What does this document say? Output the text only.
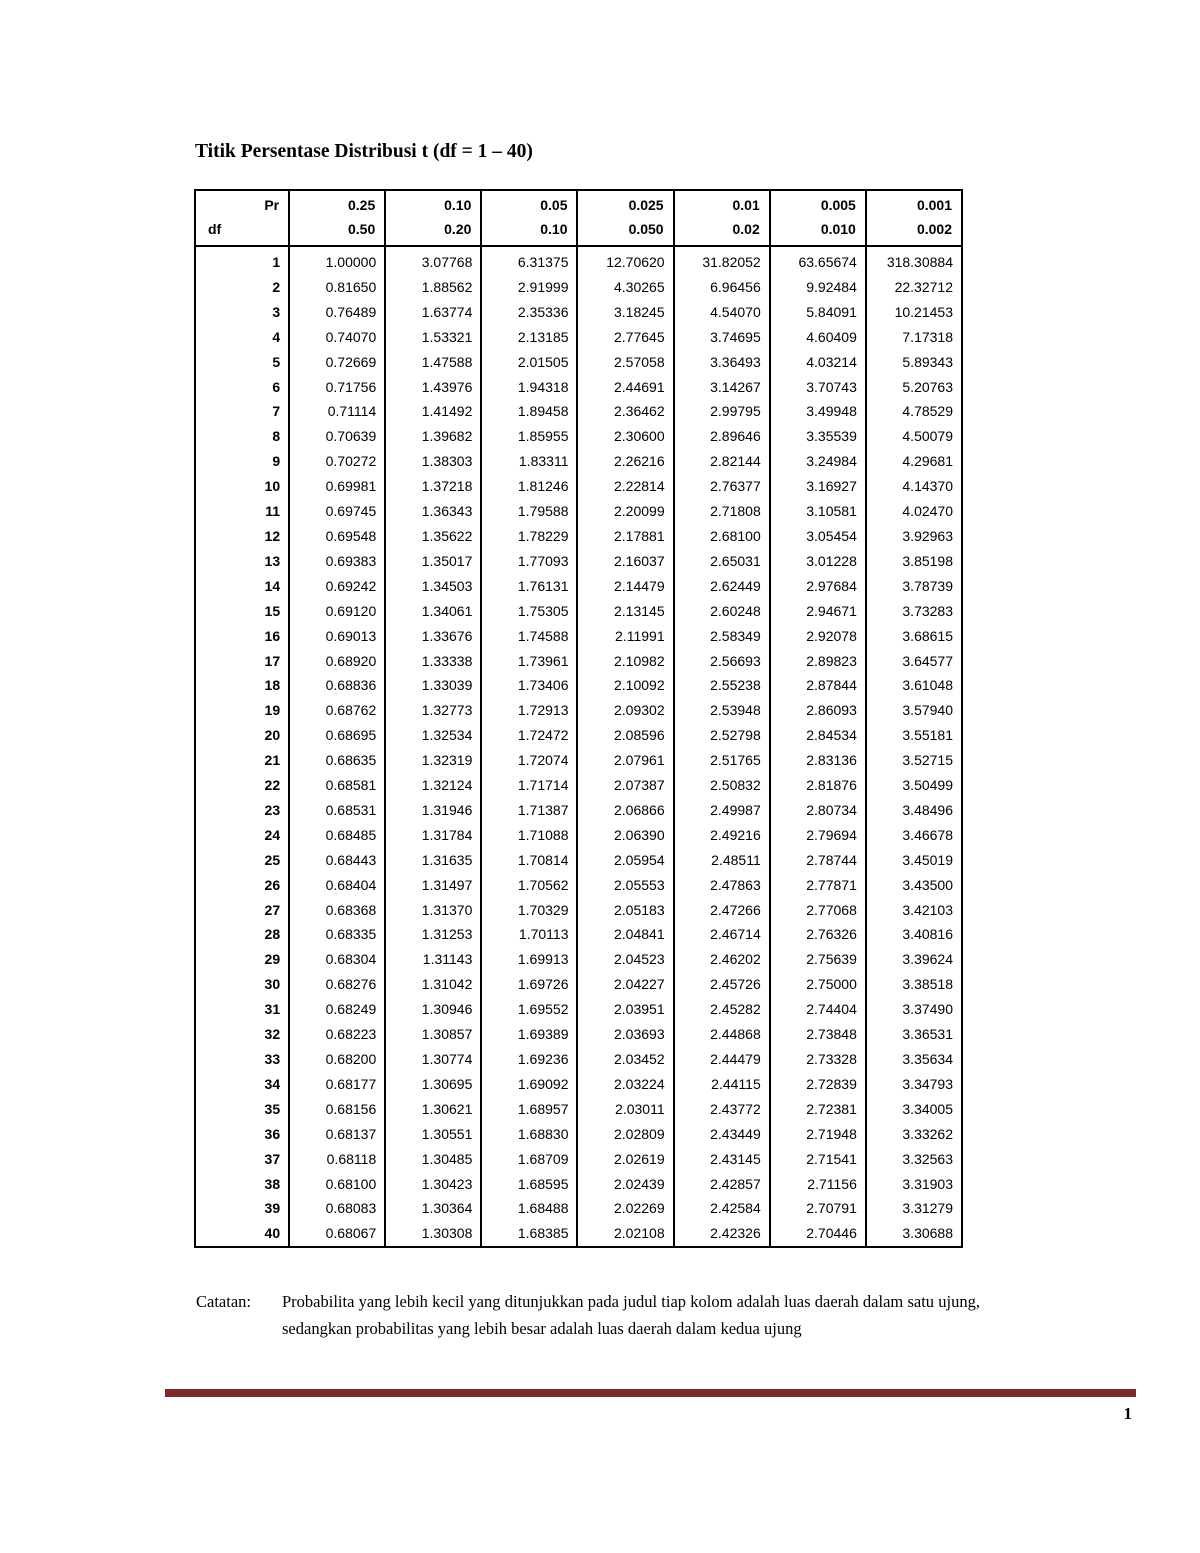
Titik Persentase Distribusi t (df = 1 – 40)
Pr	0.25	0.10	0.05	0.025	0.01	0.005	0.001

df	0.50	0.20	0.10	0.050	0.02	0.010	0.002
1	1.00000	3.07768	6.31375	12.70620	31.82052	63.65674	318.30884
2	0.81650	1.88562	2.91999	4.30265	6.96456	9.92484	22.32712
3	0.76489	1.63774	2.35336	3.18245	4.54070	5.84091	10.21453
4	0.74070	1.53321	2.13185	2.77645	3.74695	4.60409	7.17318
5	0.72669	1.47588	2.01505	2.57058	3.36493	4.03214	5.89343
6	0.71756	1.43976	1.94318	2.44691	3.14267	3.70743	5.20763
7	0.71114	1.41492	1.89458	2.36462	2.99795	3.49948	4.78529
8	0.70639	1.39682	1.85955	2.30600	2.89646	3.35539	4.50079
9	0.70272	1.38303	1.83311	2.26216	2.82144	3.24984	4.29681
10	0.69981	1.37218	1.81246	2.22814	2.76377	3.16927	4.14370
11	0.69745	1.36343	1.79588	2.20099	2.71808	3.10581	4.02470
12	0.69548	1.35622	1.78229	2.17881	2.68100	3.05454	3.92963
13	0.69383	1.35017	1.77093	2.16037	2.65031	3.01228	3.85198
14	0.69242	1.34503	1.76131	2.14479	2.62449	2.97684	3.78739
15	0.69120	1.34061	1.75305	2.13145	2.60248	2.94671	3.73283
16	0.69013	1.33676	1.74588	2.11991	2.58349	2.92078	3.68615
17	0.68920	1.33338	1.73961	2.10982	2.56693	2.89823	3.64577
18	0.68836	1.33039	1.73406	2.10092	2.55238	2.87844	3.61048
19	0.68762	1.32773	1.72913	2.09302	2.53948	2.86093	3.57940
20	0.68695	1.32534	1.72472	2.08596	2.52798	2.84534	3.55181
21	0.68635	1.32319	1.72074	2.07961	2.51765	2.83136	3.52715
22	0.68581	1.32124	1.71714	2.07387	2.50832	2.81876	3.50499
23	0.68531	1.31946	1.71387	2.06866	2.49987	2.80734	3.48496
24	0.68485	1.31784	1.71088	2.06390	2.49216	2.79694	3.46678
25	0.68443	1.31635	1.70814	2.05954	2.48511	2.78744	3.45019
26	0.68404	1.31497	1.70562	2.05553	2.47863	2.77871	3.43500
27	0.68368	1.31370	1.70329	2.05183	2.47266	2.77068	3.42103
28	0.68335	1.31253	1.70113	2.04841	2.46714	2.76326	3.40816
29	0.68304	1.31143	1.69913	2.04523	2.46202	2.75639	3.39624
30	0.68276	1.31042	1.69726	2.04227	2.45726	2.75000	3.38518
31	0.68249	1.30946	1.69552	2.03951	2.45282	2.74404	3.37490
32	0.68223	1.30857	1.69389	2.03693	2.44868	2.73848	3.36531
33	0.68200	1.30774	1.69236	2.03452	2.44479	2.73328	3.35634
34	0.68177	1.30695	1.69092	2.03224	2.44115	2.72839	3.34793
35	0.68156	1.30621	1.68957	2.03011	2.43772	2.72381	3.34005
36	0.68137	1.30551	1.68830	2.02809	2.43449	2.71948	3.33262
37	0.68118	1.30485	1.68709	2.02619	2.43145	2.71541	3.32563
38	0.68100	1.30423	1.68595	2.02439	2.42857	2.71156	3.31903
39	0.68083	1.30364	1.68488	2.02269	2.42584	2.70791	3.31279
40	0.68067	1.30308	1.68385	2.02108	2.42326	2.70446	3.30688
Catatan: Probabilita yang lebih kecil yang ditunjukkan pada judul tiap kolom adalah luas daerah dalam satu ujung, sedangkan probabilitas yang lebih besar adalah luas daerah dalam kedua ujung
1
